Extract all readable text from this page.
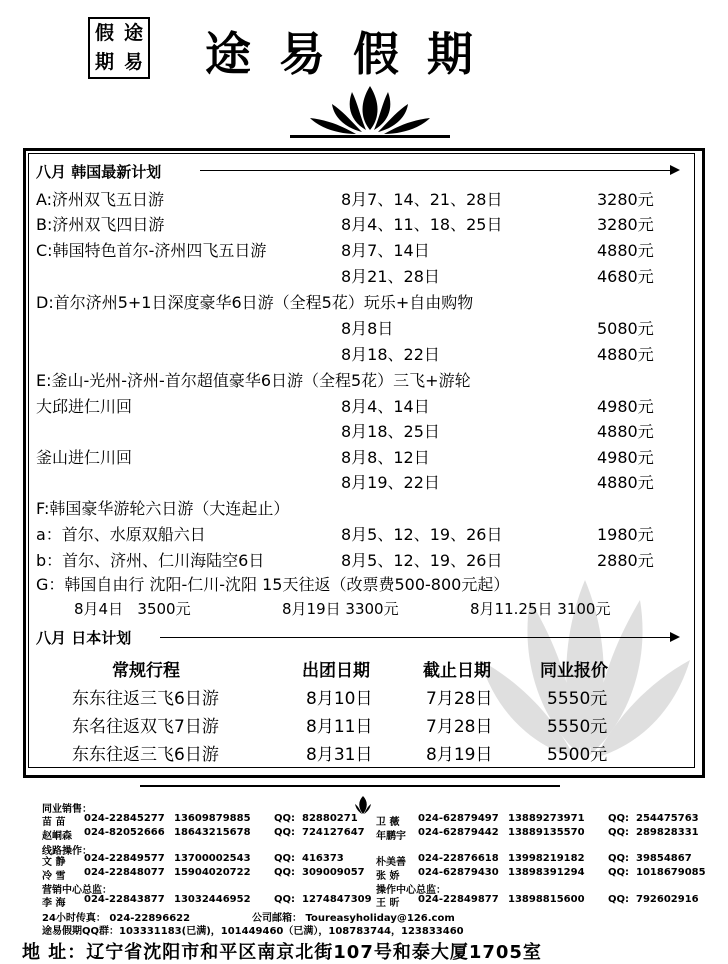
假 途
期 易 途易假期
八月 韩国最新计划
A:济州双飞五日游	8月7、14、21、28日	3280元
B:济州双飞四日游	8月4、11、18、25日	3280元
C:韩国特色首尔-济州四飞五日游	8月7、14日	4880元
8月21、28日	4680元
D:首尔济州5+1日深度豪华6日游（全程5花）玩乐+自由购物
8月8日	5080元
8月18、22日	4880元
E:釜山-光州-济州-首尔超值豪华6日游（全程5花）三飞+游轮
大邱进仁川回	8月4、14日	4980元
8月18、25日	4880元
釜山进仁川回	8月8、12日	4980元
8月19、22日	4880元
F:韩国豪华游轮六日游（大连起止）
a：首尔、水原双船六日	8月5、12、19、26日	1980元
b：首尔、济州、仁川海陆空6日	8月5、12、19、26日	2880元
G：韩国自由行 沈阳-仁川-沈阳 15天往返（改票费500-800元起）
8月4日 3500元	8月19日 3300元	8月11.25日 3100元
八月 日本计划
常规行程	出团日期	截止日期	同业报价
东东往返三飞6日游	8月10日	7月28日	5550元
东名往返双飞7日游	8月11日	7月28日	5550元
东东往返三飞6日游	8月31日	8月19日	5500元
同业销售：
线路操作：
营销中心总监：	操作中心总监：
苗 苗 024-22845277 13609879885 QQ: 82880271 卫 薇 024-62879497 13889273971 QQ: 254475763
赵峒森 024-82052666 18643215678 QQ: 724127647 年鹏宇 024-62879442 13889135570 QQ: 289828331
文 静 024-22849577 13700002543 QQ: 416373	朴美善 024-22876618 13998219182 QQ: 39854867
冷 雪 024-22848077 15904020722 QQ: 309009057 张 娇 024-62879430 13898391294 QQ: 1018679085
李 海 024-22843877 13032446952 QQ: 1274847309 王 昕 024-22849877 13898815600 QQ: 792602916
24小时传真： 024-22896622	公司邮箱： Toureasyholiday@126.com
途易假期QQ群：103331183(已满)，101449460（已满），108783744，123833460
地 址：辽宁省沈阳市和平区南京北街107号和泰大厦1705室
